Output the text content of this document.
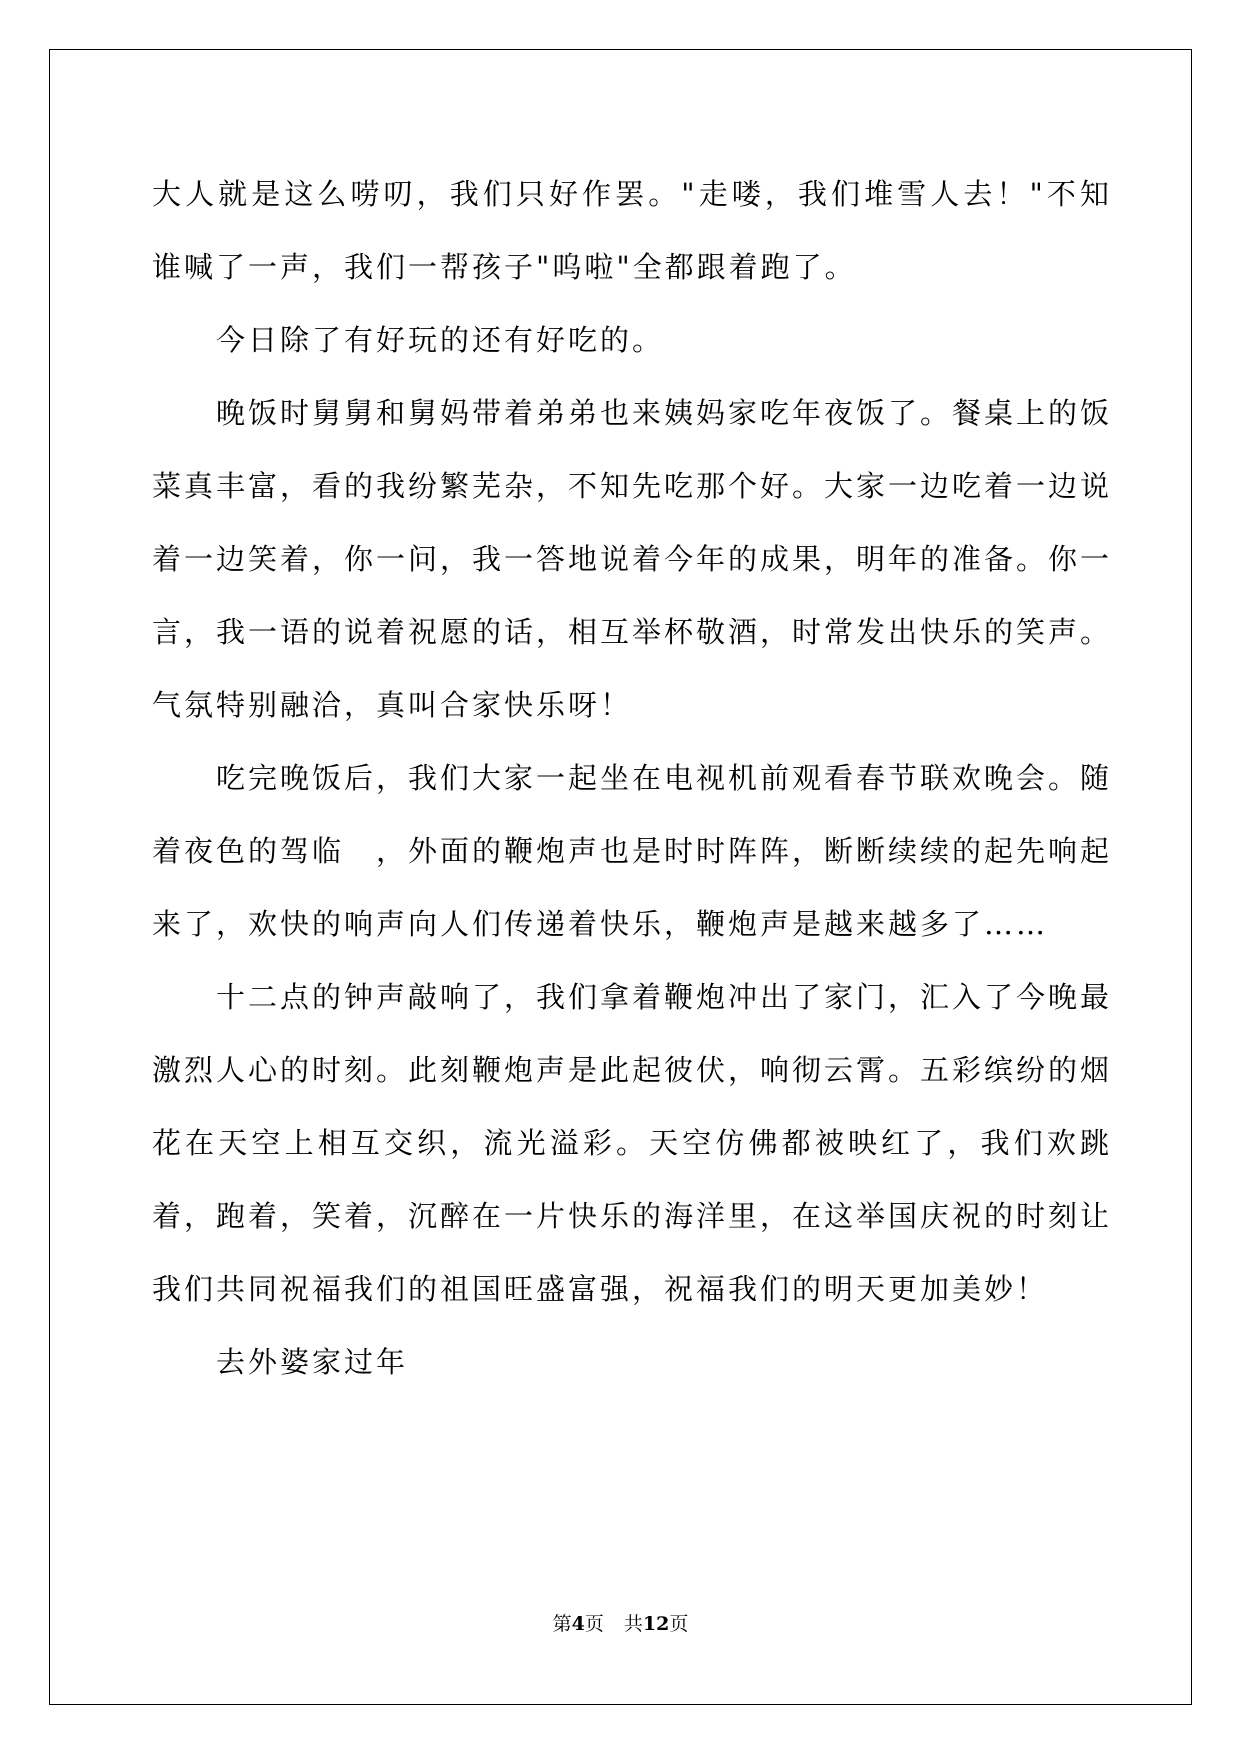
大人就是这么唠叨，我们只好作罢。"走喽，我们堆雪人去！"不知谁喊了一声，我们一帮孩子"呜啦"全都跟着跑了。

今日除了有好玩的还有好吃的。

晚饭时舅舅和舅妈带着弟弟也来姨妈家吃年夜饭了。餐桌上的饭菜真丰富，看的我纷繁芜杂，不知先吃那个好。大家一边吃着一边说着一边笑着，你一问，我一答地说着今年的成果，明年的准备。你一言，我一语的说着祝愿的话，相互举杯敬酒，时常发出快乐的笑声。气氛特别融洽，真叫合家快乐呀！

吃完晚饭后，我们大家一起坐在电视机前观看春节联欢晚会。随着夜色的驾临　，外面的鞭炮声也是时时阵阵，断断续续的起先响起来了，欢快的响声向人们传递着快乐，鞭炮声是越来越多了……

十二点的钟声敲响了，我们拿着鞭炮冲出了家门，汇入了今晚最激烈人心的时刻。此刻鞭炮声是此起彼伏，响彻云霄。五彩缤纷的烟花在天空上相互交织，流光溢彩。天空仿佛都被映红了，我们欢跳着，跑着，笑着，沉醉在一片快乐的海洋里，在这举国庆祝的时刻让我们共同祝福我们的祖国旺盛富强，祝福我们的明天更加美妙！

去外婆家过年

第4页 共12页
